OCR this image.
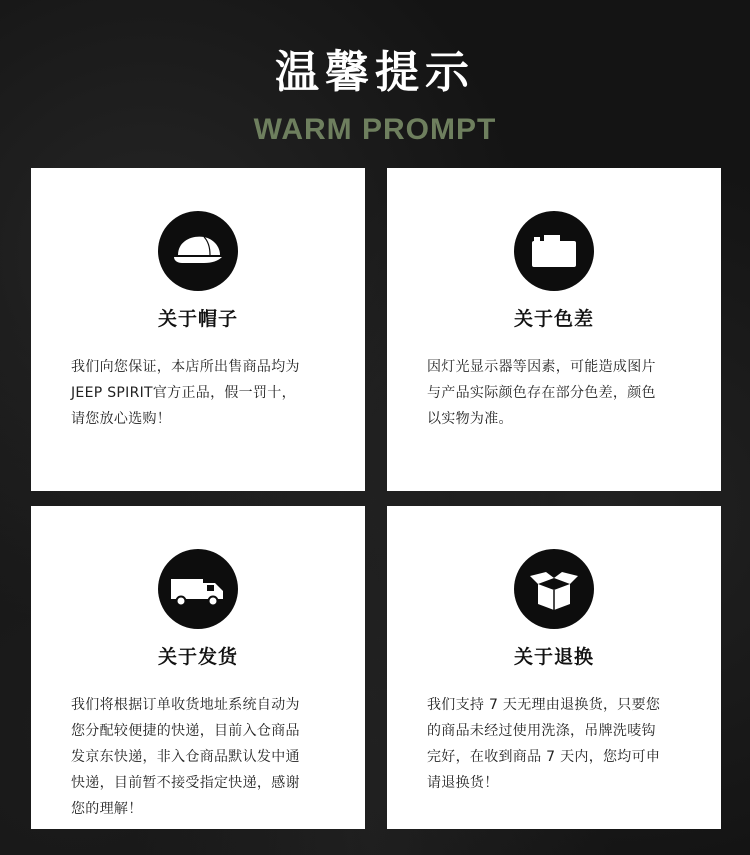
温馨提示
WARM PROMPT
关于帽子
我们向您保证，本店所出售商品均为
JEEP SPIRIT官方正品，假一罚十，
请您放心选购！
关于色差
因灯光显示器等因素，可能造成图片
与产品实际颜色存在部分色差，颜色
以实物为准。
关于发货
我们将根据订单收货地址系统自动为
您分配较便捷的快递，目前入仓商品
发京东快递，非入仓商品默认发中通
快递，目前暂不接受指定快递，感谢
您的理解！
关于退换
我们支持 7 天无理由退换货，只要您
的商品未经过使用洗涤，吊牌洗唛钩
完好，在收到商品 7 天内，您均可申
请退换货！
